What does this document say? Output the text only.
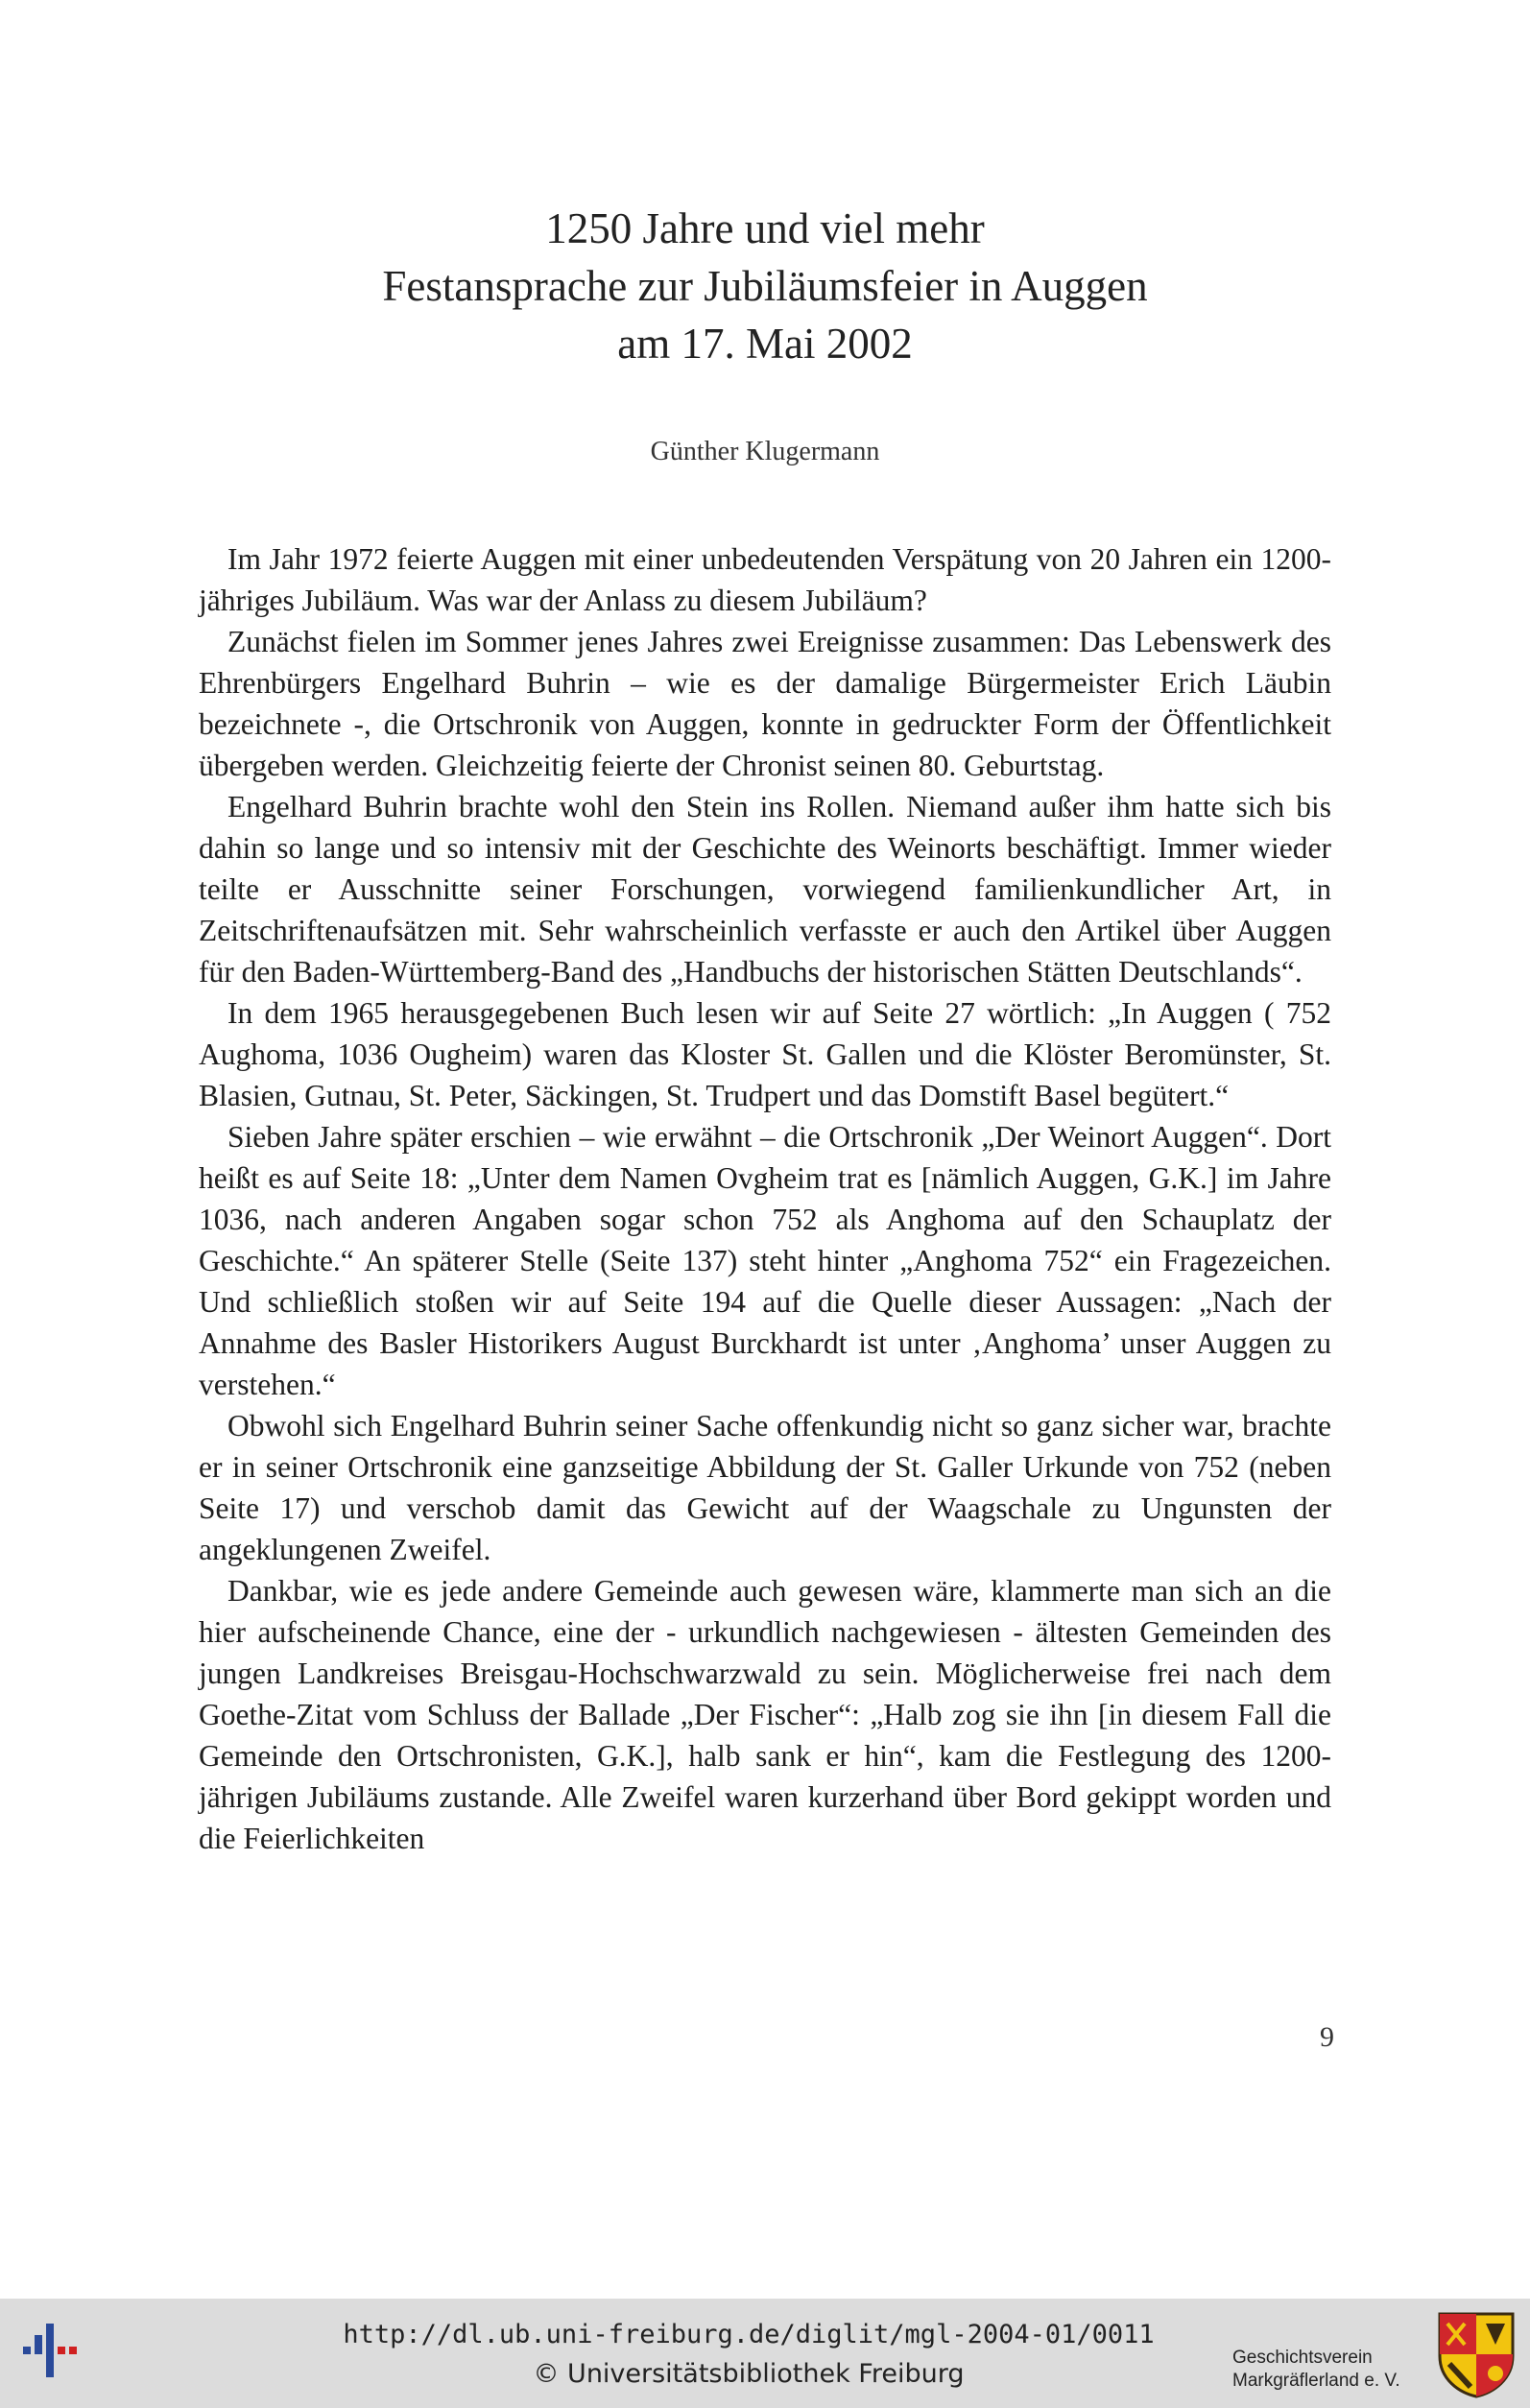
1250 Jahre und viel mehr
Festansprache zur Jubiläumsfeier in Auggen
am 17. Mai 2002
Günther Klugermann

Im Jahr 1972 feierte Auggen mit einer unbedeutenden Verspätung von 20 Jahren ein 1200-jähriges Jubiläum. Was war der Anlass zu diesem Jubiläum?

Zunächst fielen im Sommer jenes Jahres zwei Ereignisse zusammen: Das Lebenswerk des Ehrenbürgers Engelhard Buhrin – wie es der damalige Bürgermeister Erich Läubin bezeichnete -, die Ortschronik von Auggen, konnte in gedruckter Form der Öffentlichkeit übergeben werden. Gleichzeitig feierte der Chronist seinen 80. Geburtstag.

Engelhard Buhrin brachte wohl den Stein ins Rollen. Niemand außer ihm hatte sich bis dahin so lange und so intensiv mit der Geschichte des Weinorts beschäftigt. Immer wieder teilte er Ausschnitte seiner Forschungen, vorwiegend familienkundlicher Art, in Zeitschriftenaufsätzen mit. Sehr wahrscheinlich verfasste er auch den Artikel über Auggen für den Baden-Württemberg-Band des „Handbuchs der historischen Stätten Deutschlands“.

In dem 1965 herausgegebenen Buch lesen wir auf Seite 27 wörtlich: „In Auggen ( 752 Aughoma, 1036 Ougheim) waren das Kloster St. Gallen und die Klöster Beromünster, St. Blasien, Gutnau, St. Peter, Säckingen, St. Trudpert und das Domstift Basel begütert.“

Sieben Jahre später erschien – wie erwähnt – die Ortschronik „Der Weinort Auggen“. Dort heißt es auf Seite 18: „Unter dem Namen Ovgheim trat es [nämlich Auggen, G.K.] im Jahre 1036, nach anderen Angaben sogar schon 752 als Anghoma auf den Schauplatz der Geschichte.“ An späterer Stelle (Seite 137) steht hinter „Anghoma 752“ ein Fragezeichen. Und schließlich stoßen wir auf Seite 194 auf die Quelle dieser Aussagen: „Nach der Annahme des Basler Historikers August Burckhardt ist unter ‚Anghoma’ unser Auggen zu verstehen.“

Obwohl sich Engelhard Buhrin seiner Sache offenkundig nicht so ganz sicher war, brachte er in seiner Ortschronik eine ganzseitige Abbildung der St. Galler Urkunde von 752 (neben Seite 17) und verschob damit das Gewicht auf der Waagschale zu Ungunsten der angeklungenen Zweifel.

Dankbar, wie es jede andere Gemeinde auch gewesen wäre, klammerte man sich an die hier aufscheinende Chance, eine der - urkundlich nachgewiesen - ältesten Gemeinden des jungen Landkreises Breisgau-Hochschwarzwald zu sein. Möglicherweise frei nach dem Goethe-Zitat vom Schluss der Ballade „Der Fischer“: „Halb zog sie ihn [in diesem Fall die Gemeinde den Ortschronisten, G.K.], halb sank er hin“, kam die Festlegung des 1200-jährigen Jubiläums zustande. Alle Zweifel waren kurzerhand über Bord gekippt worden und die Feierlichkeiten

9
http://dl.ub.uni-freiburg.de/diglit/mgl-2004-01/0011
© Universitätsbibliothek Freiburg
Geschichtsverein
Markgräflerland e. V.
